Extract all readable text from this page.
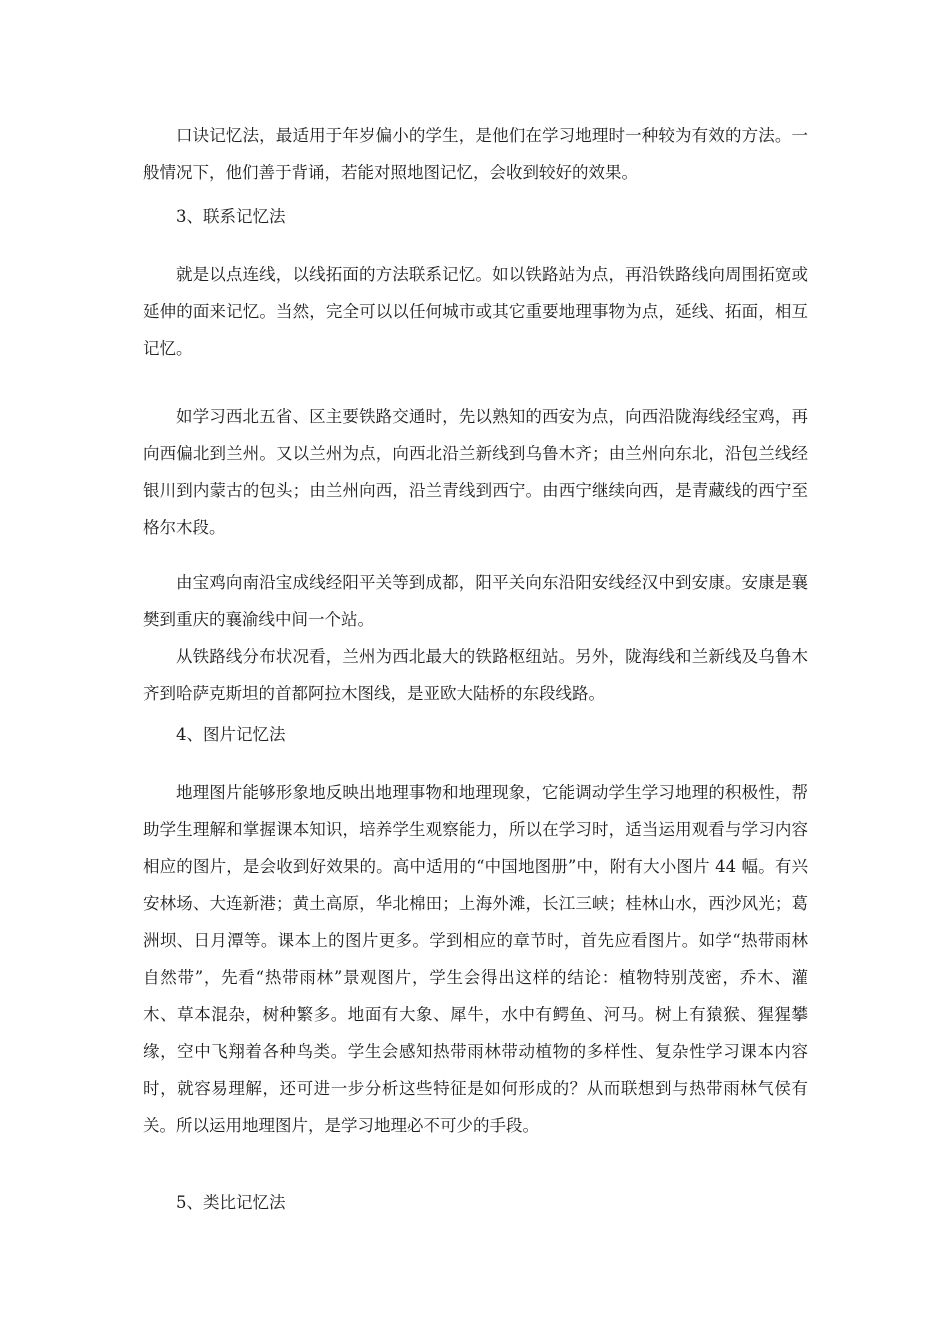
口诀记忆法，最适用于年岁偏小的学生，是他们在学习地理时一种较为有效的方法。一般情况下，他们善于背诵，若能对照地图记忆，会收到较好的效果。

3、联系记忆法

就是以点连线，以线拓面的方法联系记忆。如以铁路站为点，再沿铁路线向周围拓宽或延伸的面来记忆。当然，完全可以以任何城市或其它重要地理事物为点，延线、拓面，相互记忆。

如学习西北五省、区主要铁路交通时，先以熟知的西安为点，向西沿陇海线经宝鸡，再向西偏北到兰州。又以兰州为点，向西北沿兰新线到乌鲁木齐；由兰州向东北，沿包兰线经银川到内蒙古的包头；由兰州向西，沿兰青线到西宁。由西宁继续向西，是青藏线的西宁至格尔木段。

由宝鸡向南沿宝成线经阳平关等到成都，阳平关向东沿阳安线经汉中到安康。安康是襄樊到重庆的襄渝线中间一个站。

从铁路线分布状况看，兰州为西北最大的铁路枢纽站。另外，陇海线和兰新线及乌鲁木齐到哈萨克斯坦的首都阿拉木图线，是亚欧大陆桥的东段线路。

4、图片记忆法

地理图片能够形象地反映出地理事物和地理现象，它能调动学生学习地理的积极性，帮助学生理解和掌握课本知识，培养学生观察能力，所以在学习时，适当运用观看与学习内容相应的图片，是会收到好效果的。高中适用的“中国地图册”中，附有大小图片 44 幅。有兴安林场、大连新港；黄土高原，华北棉田；上海外滩，长江三峡；桂林山水，西沙风光；葛洲坝、日月潭等。课本上的图片更多。学到相应的章节时，首先应看图片。如学“热带雨林自然带”，先看“热带雨林”景观图片，学生会得出这样的结论：植物特别茂密，乔木、灌木、草本混杂，树种繁多。地面有大象、犀牛，水中有鳄鱼、河马。树上有猿猴、猩猩攀缘，空中飞翔着各种鸟类。学生会感知热带雨林带动植物的多样性、复杂性学习课本内容时，就容易理解，还可进一步分析这些特征是如何形成的？从而联想到与热带雨林气侯有关。所以运用地理图片，是学习地理必不可少的手段。

5、类比记忆法
